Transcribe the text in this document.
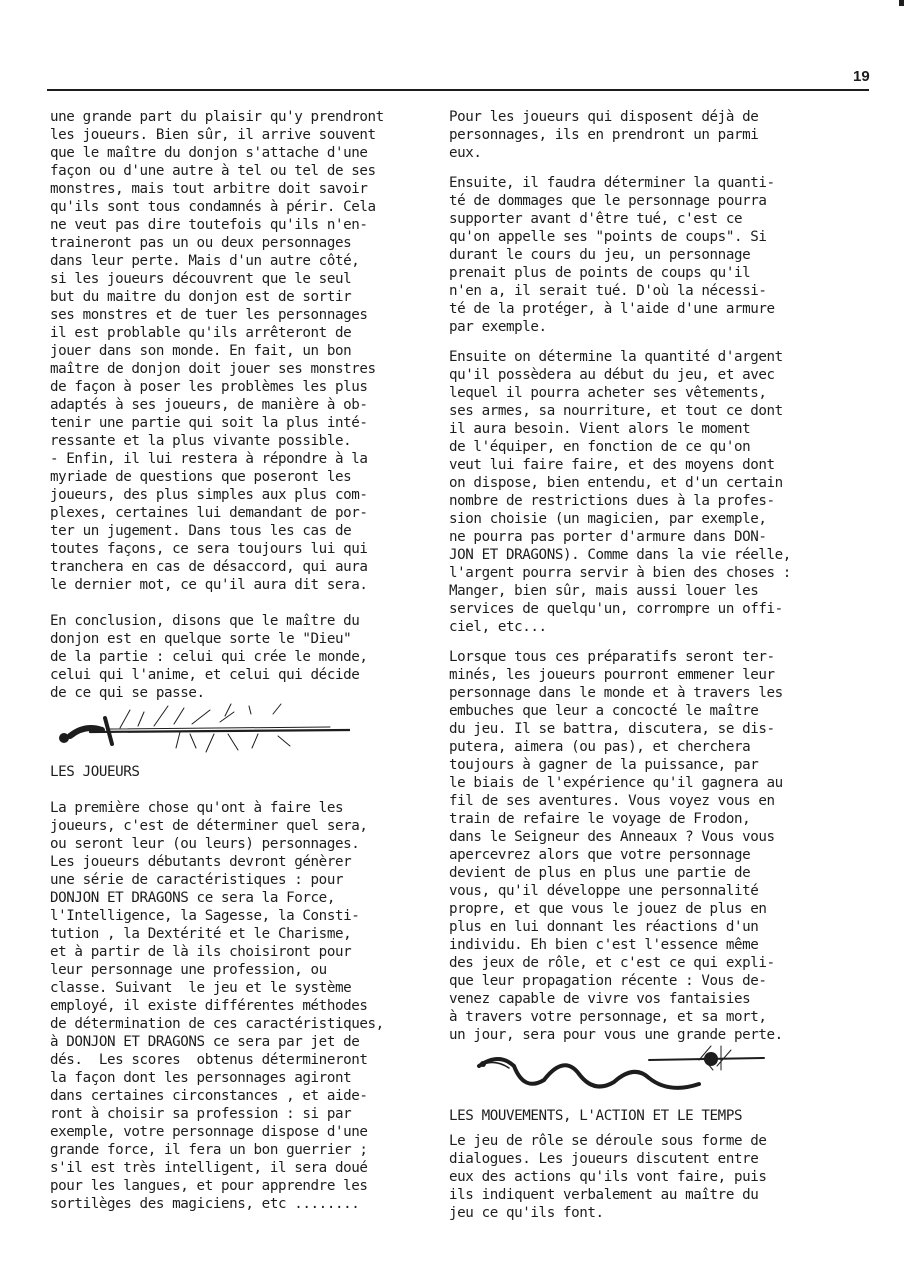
19

une grande part du plaisir qu'y prendront

les joueurs. Bien sûr, il arrive souvent

que le maître du donjon s'attache d'une

façon ou d'une autre à tel ou tel de ses

monstres, mais tout arbitre doit savoir

qu'ils sont tous condamnés à périr. Cela

ne veut pas dire toutefois qu'ils n'en-

traineront pas un ou deux personnages

dans leur perte. Mais d'un autre côté,

si les joueurs découvrent que le seul

but du maitre du donjon est de sortir

ses monstres et de tuer les personnages

il est problable qu'ils arrêteront de

jouer dans son monde. En fait, un bon

maître de donjon doit jouer ses monstres

de façon à poser les problèmes les plus

adaptés à ses joueurs, de manière à ob-

tenir une partie qui soit la plus inté-

ressante et la plus vivante possible.

- Enfin, il lui restera à répondre à la

myriade de questions que poseront les

joueurs, des plus simples aux plus com-

plexes, certaines lui demandant de por-

ter un jugement. Dans tous les cas de

toutes façons, ce sera toujours lui qui

tranchera en cas de désaccord, qui aura

le dernier mot, ce qu'il aura dit sera.

En conclusion, disons que le maître du

donjon est en quelque sorte le "Dieu"

de la partie : celui qui crée le monde,

celui qui l'anime, et celui qui décide

de ce qui se passe.

LES JOUEURS

La première chose qu'ont à faire les

joueurs, c'est de déterminer quel sera,

ou seront leur (ou leurs) personnages.

Les joueurs débutants devront génèrer

une série de caractéristiques : pour

DONJON ET DRAGONS ce sera la Force,

l'Intelligence, la Sagesse, la Consti-

tution , la Dextérité et le Charisme,

et à partir de là ils choisiront pour

leur personnage une profession, ou

classe. Suivant  le jeu et le système

employé, il existe différentes méthodes

de détermination de ces caractéristiques,

à DONJON ET DRAGONS ce sera par jet de

dés.  Les scores  obtenus détermineront

la façon dont les personnages agiront

dans certaines circonstances , et aide-

ront à choisir sa profession : si par

exemple, votre personnage dispose d'une

grande force, il fera un bon guerrier ;

s'il est très intelligent, il sera doué

pour les langues, et pour apprendre les

sortilèges des magiciens, etc ........

Pour les joueurs qui disposent déjà de

personnages, ils en prendront un parmi

eux.

Ensuite, il faudra déterminer la quanti-

té de dommages que le personnage pourra

supporter avant d'être tué, c'est ce

qu'on appelle ses "points de coups". Si

durant le cours du jeu, un personnage

prenait plus de points de coups qu'il

n'en a, il serait tué. D'où la nécessi-

té de la protéger, à l'aide d'une armure

par exemple.

Ensuite on détermine la quantité d'argent

qu'il possèdera au début du jeu, et avec

lequel il pourra acheter ses vêtements,

ses armes, sa nourriture, et tout ce dont

il aura besoin. Vient alors le moment

de l'équiper, en fonction de ce qu'on

veut lui faire faire, et des moyens dont

on dispose, bien entendu, et d'un certain

nombre de restrictions dues à la profes-

sion choisie (un magicien, par exemple,

ne pourra pas porter d'armure dans DON-

JON ET DRAGONS). Comme dans la vie réelle,

l'argent pourra servir à bien des choses :

Manger, bien sûr, mais aussi louer les

services de quelqu'un, corrompre un offi-

ciel, etc...

Lorsque tous ces préparatifs seront ter-

minés, les joueurs pourront emmener leur

personnage dans le monde et à travers les

embuches que leur a concocté le maître

du jeu. Il se battra, discutera, se dis-

putera, aimera (ou pas), et cherchera

toujours à gagner de la puissance, par

le biais de l'expérience qu'il gagnera au

fil de ses aventures. Vous voyez vous en

train de refaire le voyage de Frodon,

dans le Seigneur des Anneaux ? Vous vous

apercevrez alors que votre personnage

devient de plus en plus une partie de

vous, qu'il développe une personnalité

propre, et que vous le jouez de plus en

plus en lui donnant les réactions d'un

individu. Eh bien c'est l'essence même

des jeux de rôle, et c'est ce qui expli-

que leur propagation récente : Vous de-

venez capable de vivre vos fantaisies

à travers votre personnage, et sa mort,

un jour, sera pour vous une grande perte.

LES MOUVEMENTS, L'ACTION ET LE TEMPS

Le jeu de rôle se déroule sous forme de

dialogues. Les joueurs discutent entre

eux des actions qu'ils vont faire, puis

ils indiquent verbalement au maître du

jeu ce qu'ils font.
